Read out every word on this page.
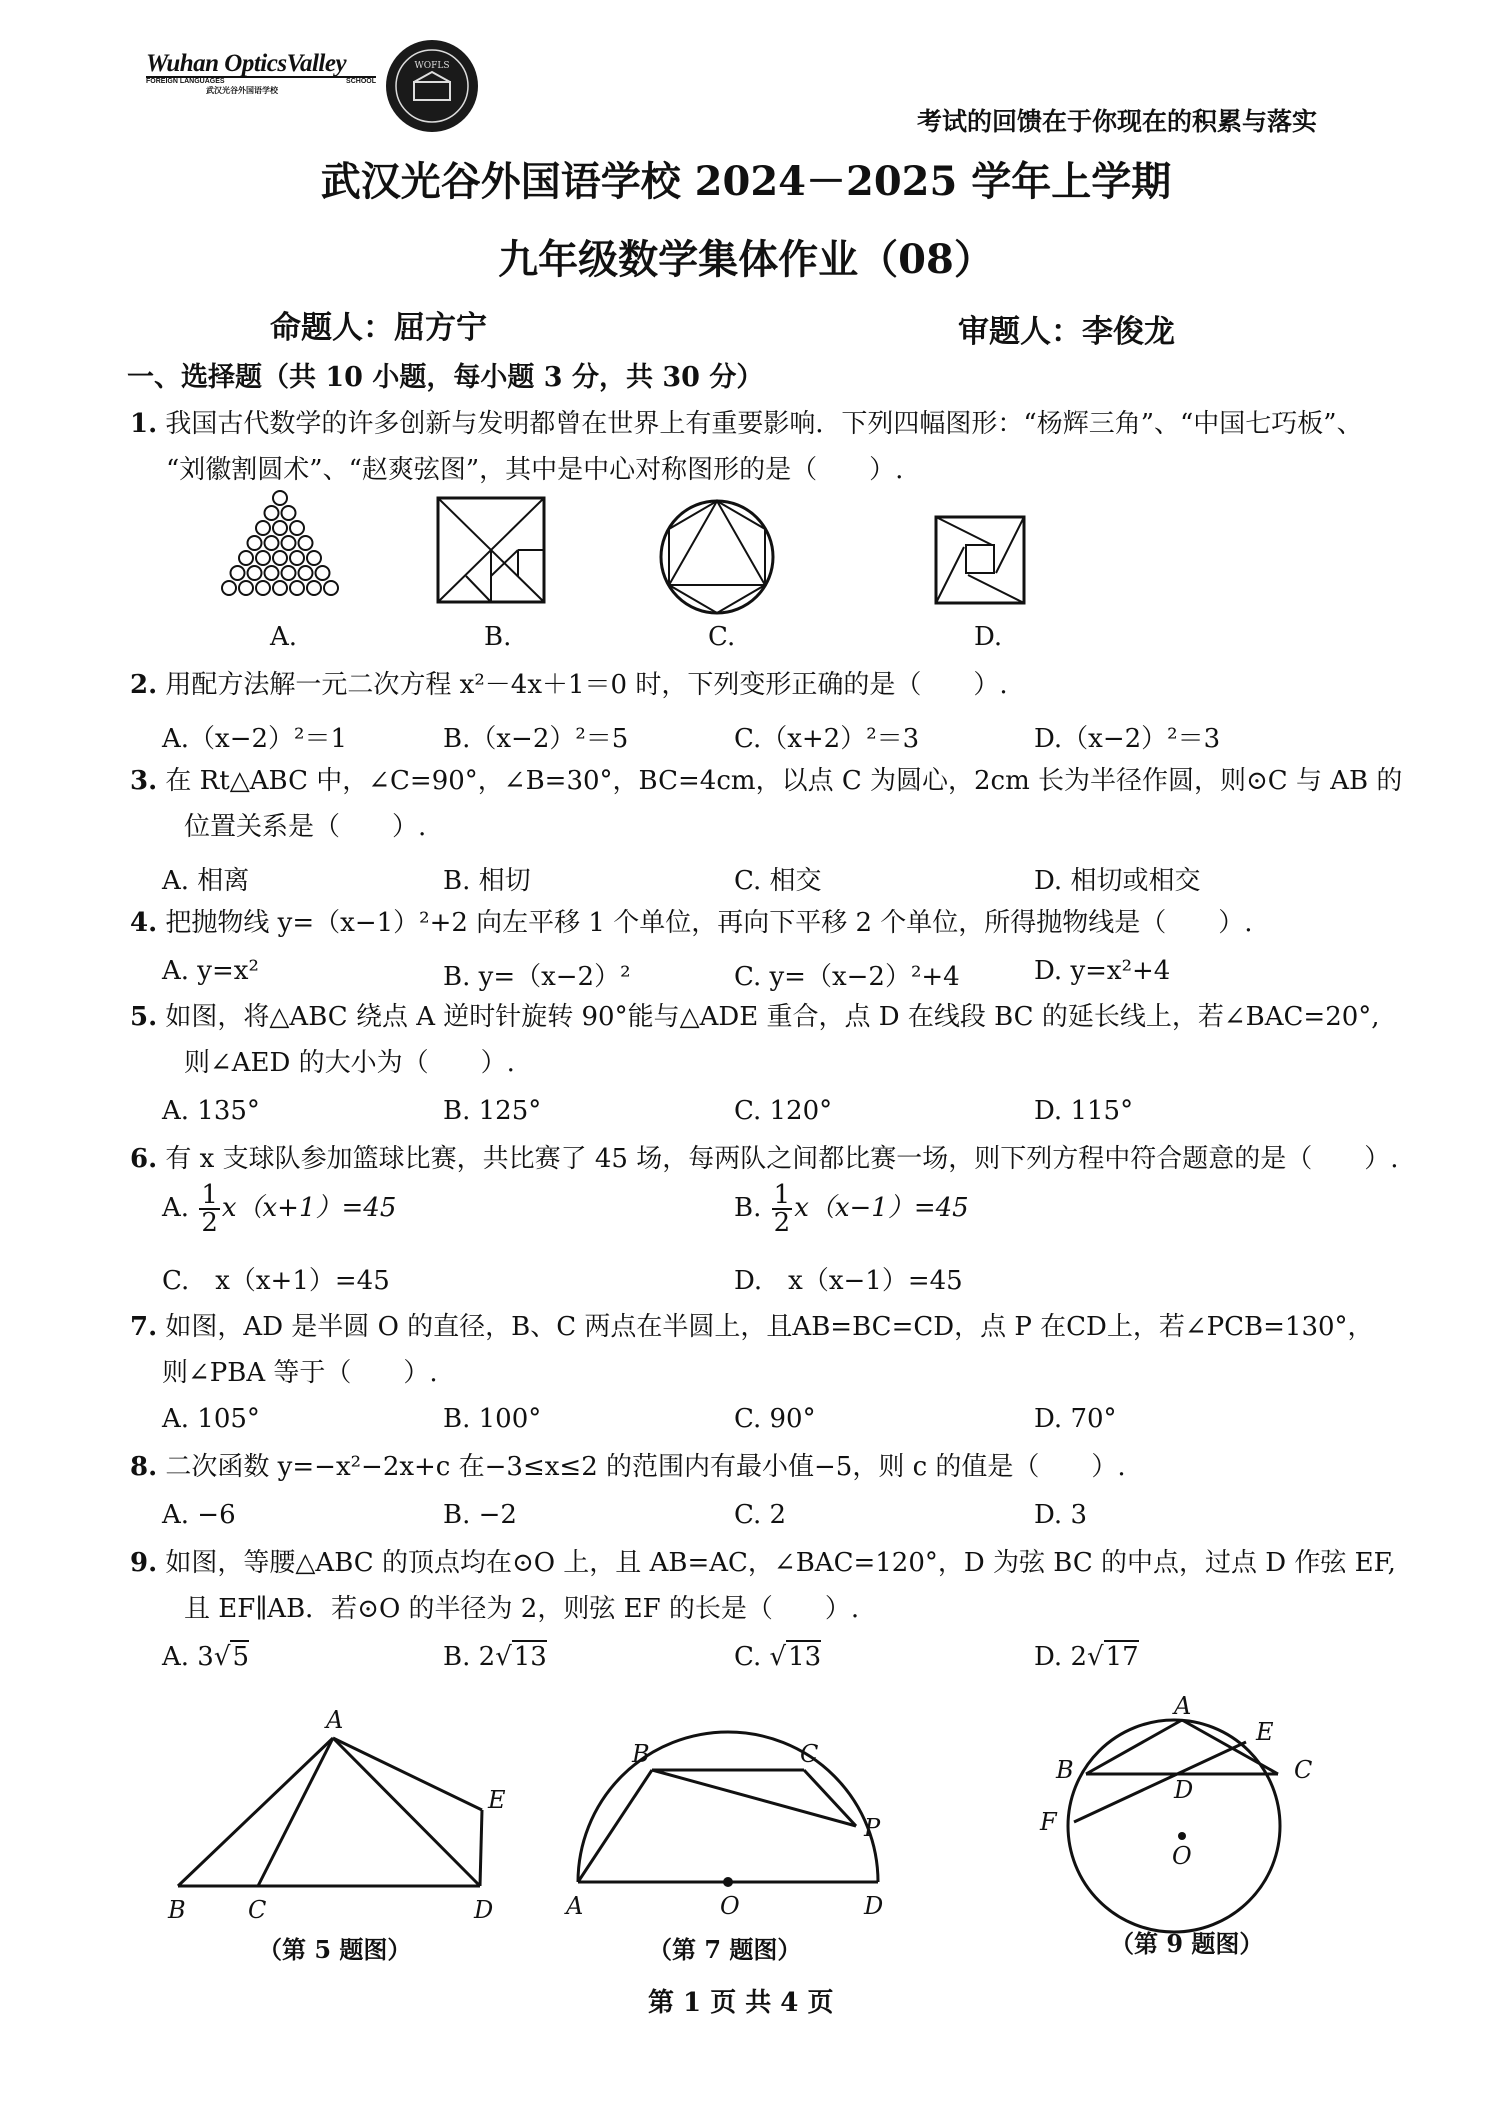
Wuhan OpticsValley
FOREIGN LANGUAGES	SCHOOL
武汉光谷外国语学校
WOFLS
考试的回馈在于你现在的积累与落实
武汉光谷外国语学校 2024－2025 学年上学期
九年级数学集体作业（08）
命题人：屈方宁	审题人：李俊龙
一、选择题（共 10 小题，每小题 3 分，共 30 分）
1. 我国古代数学的许多创新与发明都曾在世界上有重要影响．下列四幅图形：“杨辉三角”、“中国七巧板”、
“刘徽割圆术”、“赵爽弦图”，其中是中心对称图形的是（　　）.
A.	B.	C.	D.
2. 用配方法解一元二次方程 x²－4x＋1＝0 时，下列变形正确的是（　　）.
A.（x−2）²＝1	B.（x−2）²＝5	C.（x+2）²＝3	D.（x−2）²＝3
3. 在 Rt△ABC 中，∠C=90°，∠B=30°，BC=4cm，以点 C 为圆心，2cm 长为半径作圆，则⊙C 与 AB 的
位置关系是（　　）.
A. 相离	B. 相切	C. 相交	D. 相切或相交
4. 把抛物线 y=（x−1）²+2 向左平移 1 个单位，再向下平移 2 个单位，所得抛物线是（　　）.
A. y=x²	B. y=（x−2）²	C. y=（x−2）²+4	D. y=x²+4
5. 如图，将△ABC 绕点 A 逆时针旋转 90°能与△ADE 重合，点 D 在线段 BC 的延长线上，若∠BAC=20°,
则∠AED 的大小为（　　）.
A. 135°	B. 125°	C. 120°	D. 115°
6. 有 x 支球队参加篮球比赛，共比赛了 45 场，每两队之间都比赛一场，则下列方程中符合题意的是（　　）.
A. $\frac{1}{2} x(x+1)=45$	B. $\frac{1}{2} x(x-1)=45$
C.　x（x+1）=45	D.　x（x−1）=45
7. 如图，AD 是半圆 O 的直径，B、C 两点在半圆上，且AB=BC=CD，点 P 在CD上，若∠PCB=130°，
则∠PBA 等于（　　）.
A. 105°	B. 100°	C. 90°	D. 70°
8. 二次函数 y=−x²−2x+c 在−3≤x≤2 的范围内有最小值−5，则 c 的值是（　　）.
A. −6	B. −2	C. 2	D. 3
9. 如图，等腰△ABC 的顶点均在⊙O 上，且 AB=AC，∠BAC=120°，D 为弦 BC 的中点，过点 D 作弦 EF,
且 EF∥AB．若⊙O 的半径为 2，则弦 EF 的长是（　　）.
A. 3√5	B. 2√13	C. √13	D. 2√17
A
B	C	D
E
（第 5 题图）
B	C
P
A	O	D
（第 7 题图）
A
B	C
D
E
F
O
（第 9 题图）
第 1 页 共 4 页
